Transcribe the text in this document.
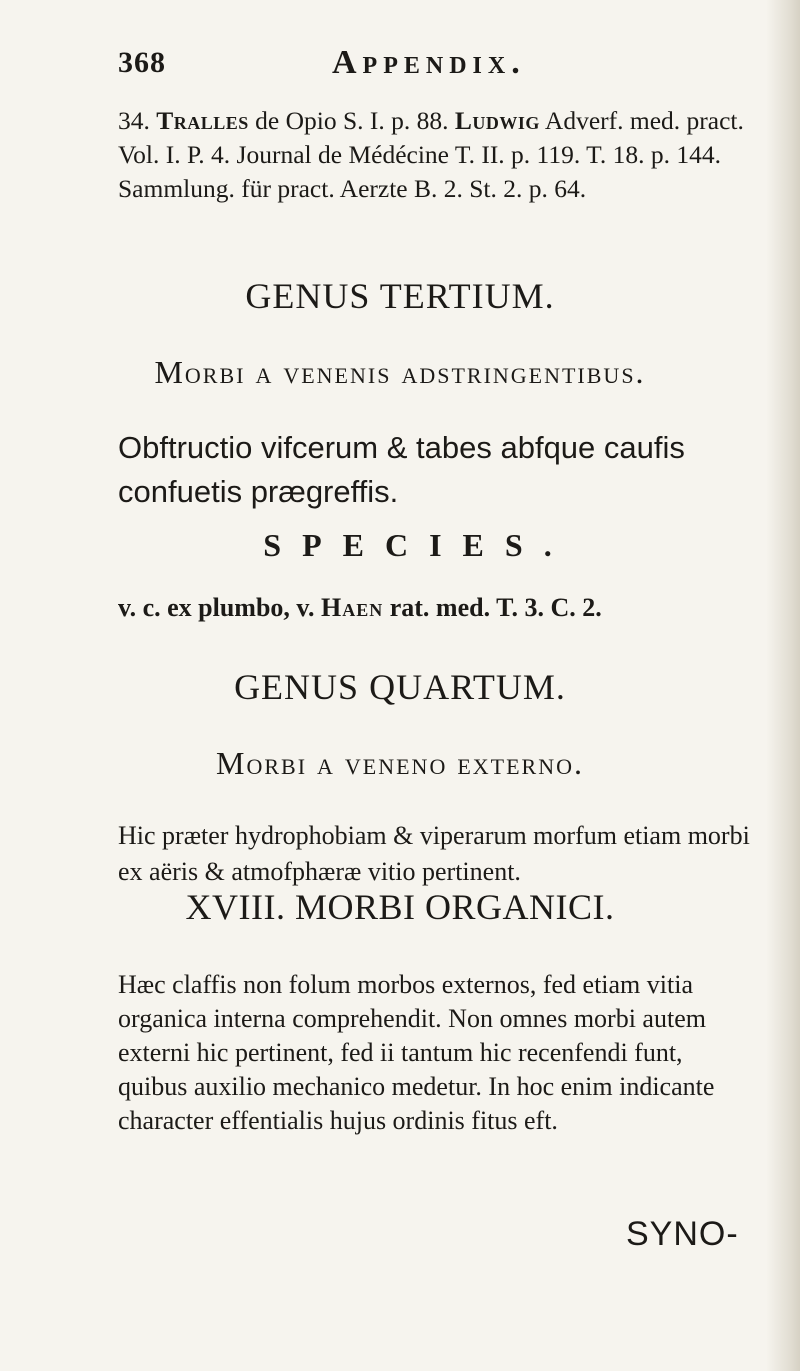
368	Appendix.

34. Tralles de Opio S. I. p. 88. Ludwig Adverf. med. pract. Vol. I. P. 4. Journal de Médécine T. II. p. 119. T. 18. p. 144. Sammlung. für pract. Aerzte B. 2. St. 2. p. 64.

GENUS TERTIUM.
Morbi a venenis adstringentibus.

Obftructio vifcerum & tabes abfque caufis confuetis prægreffis.

SPECIES.

v. c. ex plumbo, v. Haen rat. med. T. 3. C. 2.

GENUS QUARTUM.
Morbi a veneno externo.

Hic præter hydrophobiam & viperarum morfum etiam morbi ex aëris & atmofphæræ vitio pertinent.

XVIII. MORBI ORGANICI.

Hæc claffis non folum morbos externos, fed etiam vitia organica interna comprehendit. Non omnes morbi autem externi hic pertinent, fed ii tantum hic recenfendi funt, quibus auxilio mechanico medetur. In hoc enim indicante character effentialis hujus ordinis fitus eft.

SYNO-
